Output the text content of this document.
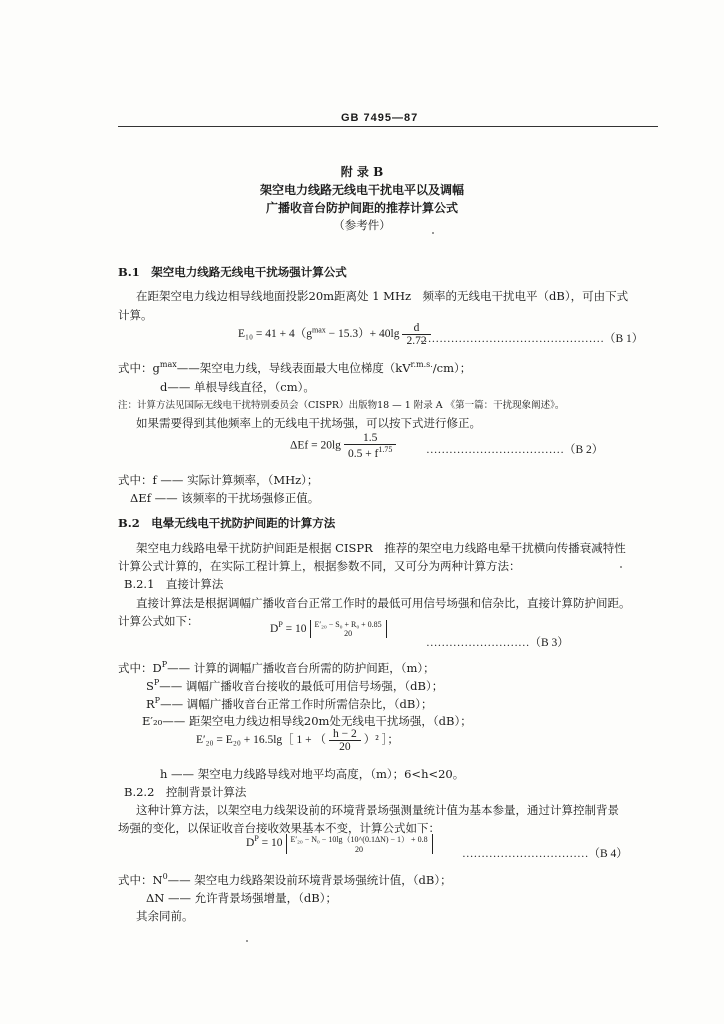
GB 7495—87
附 录 B
架空电力线路无线电干扰电平以及调幅
广播收音台防护间距的推荐计算公式
（参考件）
B.1　架空电力线路无线电干扰场强计算公式
在距架空电力线边相导线地面投影20m距离处 1 MHz　频率的无线电干扰电平（dB），可由下式
计算。
$E_{10} = 41 + 4(g^{max} - 15.3)+ 40\lg \frac{d}{2.72}$
…………………………………………（B 1）
式中：$g^{max}——$架空电力线，导线表面最大电位梯度$(kV^{r.m.s.}/cm)$；
d—— 单根导线直径，（cm）。
注：计算方法见国际无线电干扰特别委员会（CISPR）出版物18 — 1 附录 A 《第一篇：干扰现象阐述》。
如果需要得到其他频率上的无线电干扰场强，可以按下式进行修正。
$\Delta Ef = 20\lg \frac{1.5}{0.5 + f^{1.75}}$	………………………………（B 2）
式中：f —— 实际计算频率，（MHz）；
ΔEf —— 该频率的干扰场强修正值。
B.2　电晕无线电干扰防护间距的计算方法
架空电力线路电晕干扰防护间距是根据 CISPR　推荐的架空电力线路电晕干扰横向传播衰减特性
计算公式计算的，在实际工程计算上，根据参数不同，又可分为两种计算方法：
B.2.1　直接计算法
直接计算法是根据调幅广播收音台正常工作时的最低可用信号场强和信杂比，直接计算防护间距。
计算公式如下：
$D^P = 10$ E′₂₀ − S₀ + R₀ + 0.85
20
………………………（B 3）
式中：$D^P——$ 计算的调幅广播收音台所需的防护间距，（m）；
$S^P——$ 调幅广播收音台接收的最低可用信号场强，（dB）；
$R^P——$ 调幅广播收音台正常工作时所需信杂比，（dB）；
E′₂₀—— 距架空电力线边相导线20m处无线电干扰场强，（dB）；
E′₂₀ = E₂₀ + 16.5lg［ 1 + （ $\frac{h - 2}{20} )^2$ ］；
h —— 架空电力线路导线对地平均高度，（m）；6<h<20。
B.2.2　控制背景计算法
这种计算方法，以架空电力线架设前的环境背景场强测量统计值为基本参量，通过计算控制背景
场强的变化，以保证收音台接收效果基本不变，计算公式如下：
$D^P = 10$ E′₂₀ − N₀ − 10lg（10^(0.1ΔN) − 1） + 0.8
20	……………………………（B 4）
式中：$N^0——$ 架空电力线路架设前环境背景场强统计值，（dB）；
ΔN —— 允许背景场强增量，（dB）；
其余同前。
